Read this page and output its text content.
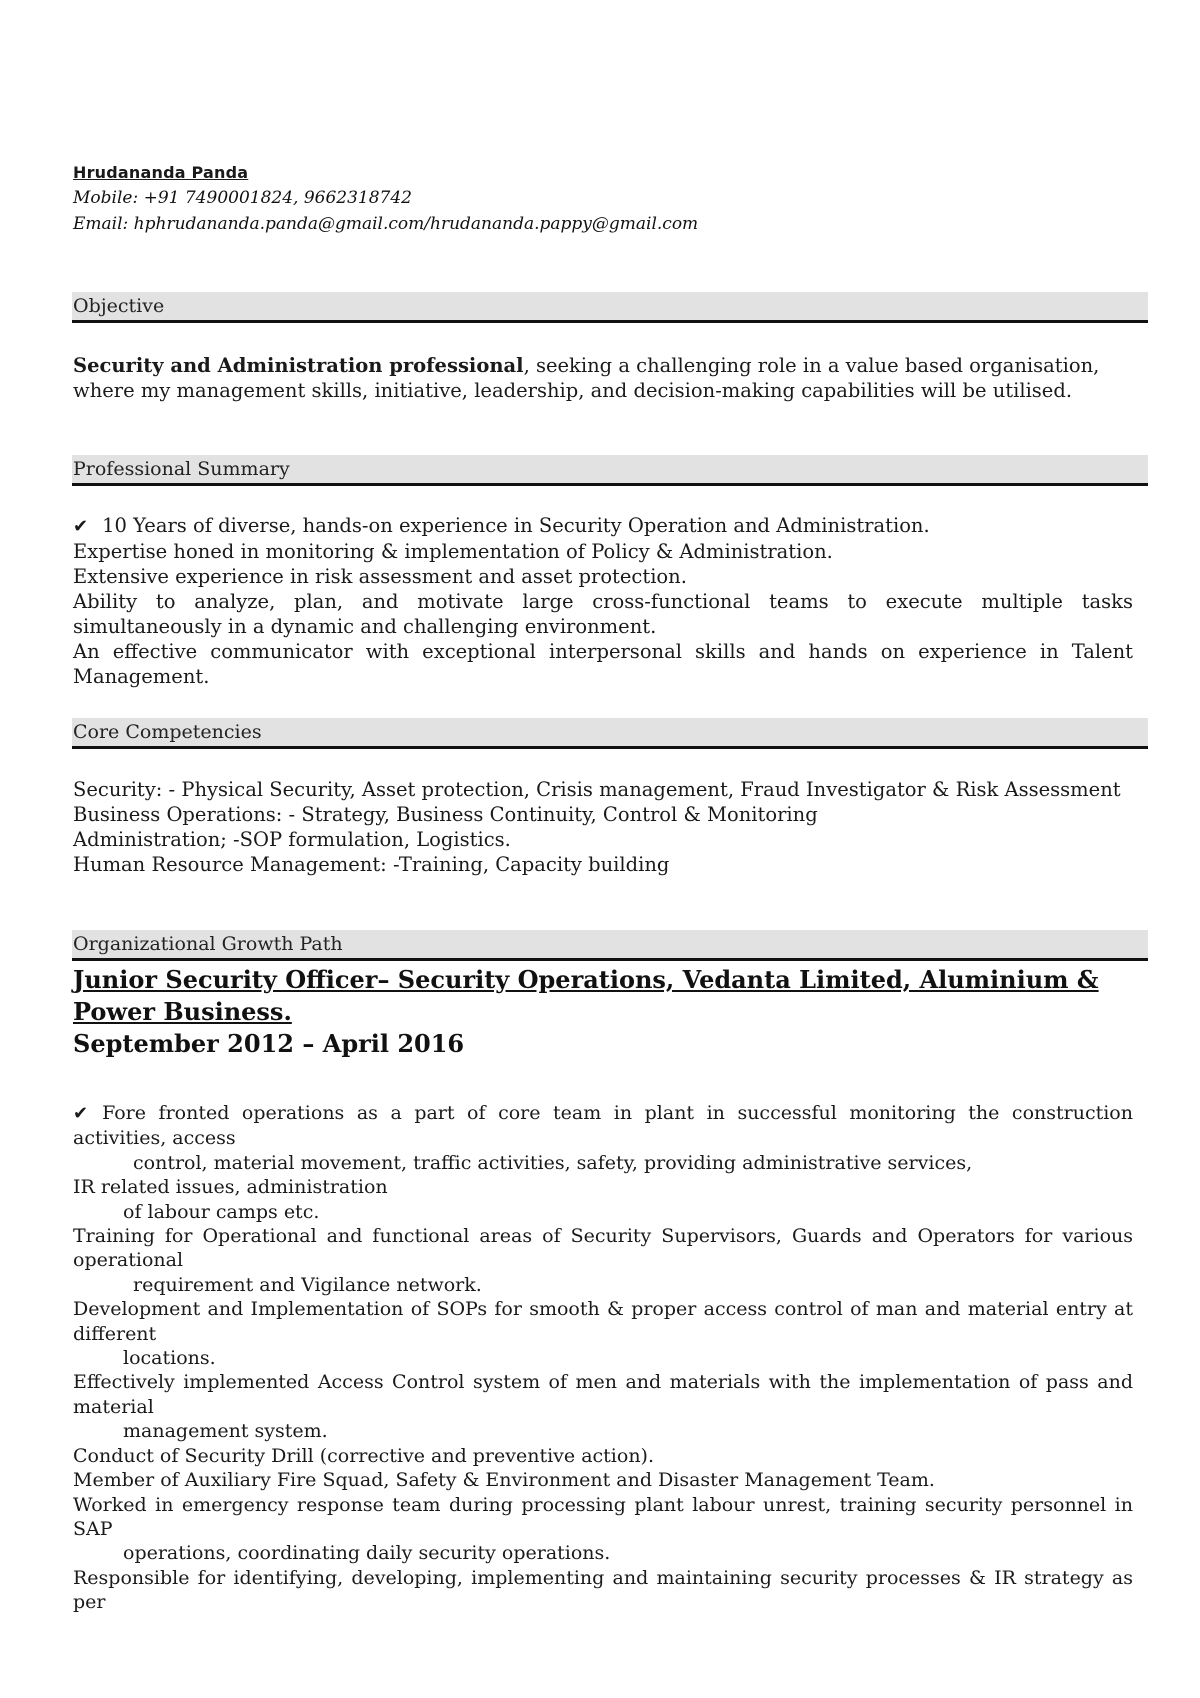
Hrudananda Panda
Mobile: +91 7490001824, 9662318742
Email: hphrudananda.panda@gmail.com/hrudananda.pappy@gmail.com
Objective

Security and Administration professional, seeking a challenging role in a value based organisation, where my management skills, initiative, leadership, and decision-making capabilities will be utilised.

Professional Summary

✔ 10 Years of diverse, hands-on experience in Security Operation and Administration.

Expertise honed in monitoring & implementation of Policy & Administration.

Extensive experience in risk assessment and asset protection.

Ability to analyze, plan, and motivate large cross-functional teams to execute multiple tasks simultaneously in a dynamic and challenging environment.

An effective communicator with exceptional interpersonal skills and hands on experience in Talent Management.

Core Competencies

Security: - Physical Security, Asset protection, Crisis management, Fraud Investigator & Risk Assessment

Business Operations: - Strategy, Business Continuity, Control & Monitoring

Administration; -SOP formulation, Logistics.

Human Resource Management: -Training, Capacity building

Organizational Growth Path
Junior Security Officer– Security Operations, Vedanta Limited, Aluminium &
Power Business.
September 2012 – April 2016

✔ Fore fronted operations as a part of core team in plant in successful monitoring the construction activities, access

control, material movement, traffic activities, safety, providing administrative services,

IR related issues, administration

of labour camps etc.

Training for Operational and functional areas of Security Supervisors, Guards and Operators for various operational

requirement and Vigilance network.

Development and Implementation of SOPs for smooth & proper access control of man and material entry at different

locations.

Effectively implemented Access Control system of men and materials with the implementation of pass and material

management system.

Conduct of Security Drill (corrective and preventive action).

Member of Auxiliary Fire Squad, Safety & Environment and Disaster Management Team.

Worked in emergency response team during processing plant labour unrest, training security personnel in SAP

operations, coordinating daily security operations.

Responsible for identifying, developing, implementing and maintaining security processes & IR strategy as per
